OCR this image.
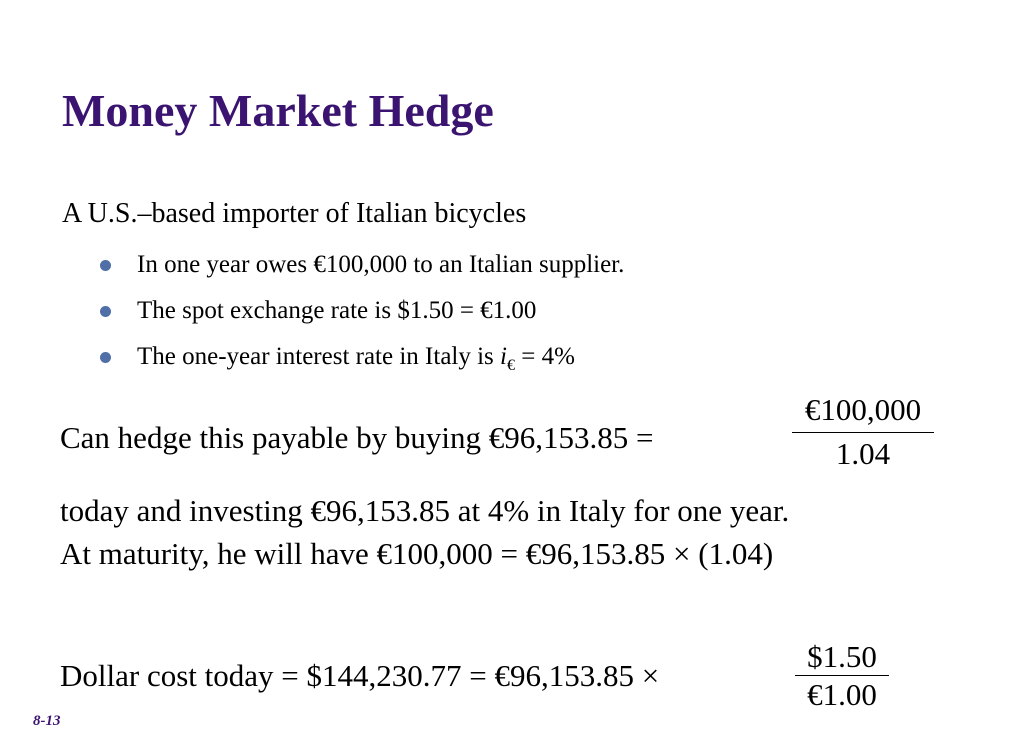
Money Market Hedge
A U.S.–based importer of Italian bicycles
In one year owes €100,000 to an Italian supplier.
The spot exchange rate is $1.50 = €1.00
The one-year interest rate in Italy is $i_€ = 4\%$
Can hedge this payable by buying €96,153.85 =	$\frac{€100,000}{1.04}$
today and investing €96,153.85 at 4% in Italy for one year.
At maturity, he will have €100,000 = €96,153.85 × (1.04)
Dollar cost today = $144,230.77 = €96,153.85 ×	$\frac{\$1.50}{€1.00}$
8-13
